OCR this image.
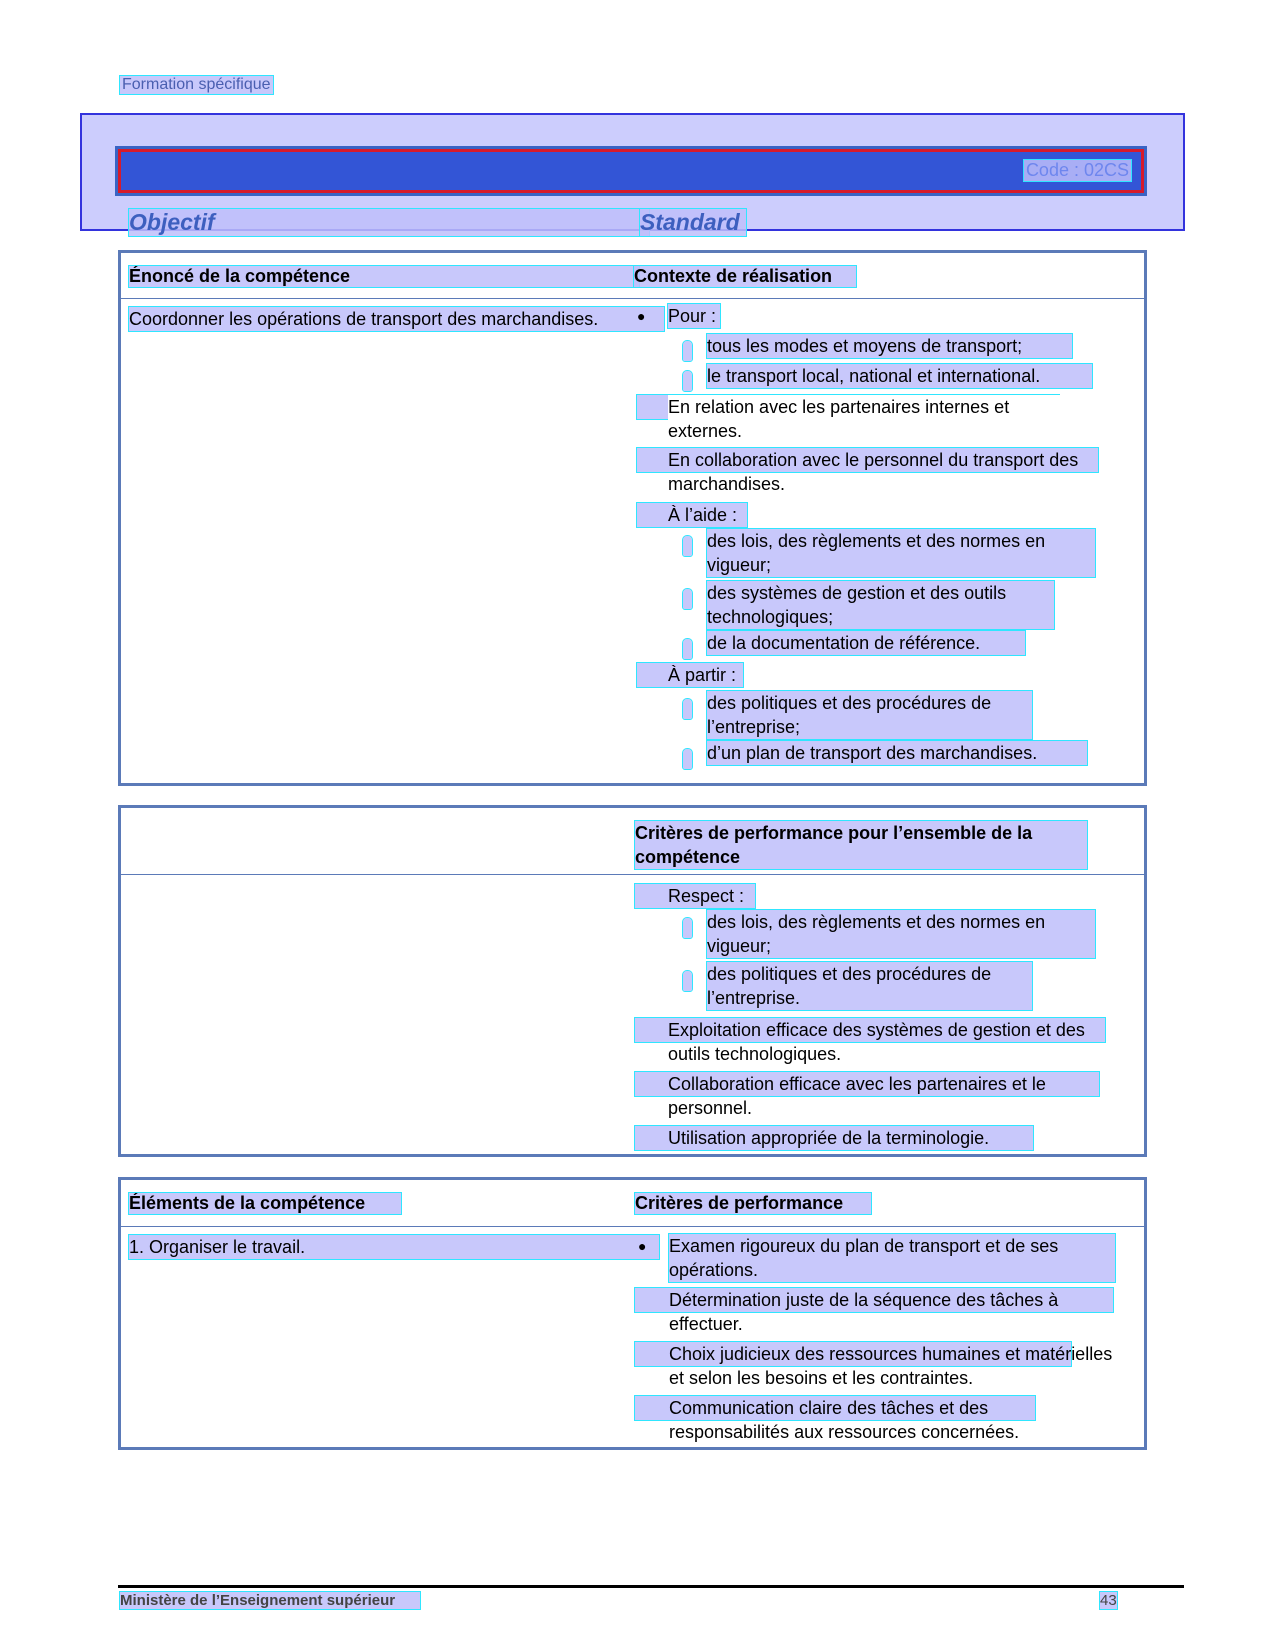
Formation spécifique
Code : 02CS
Objectif	Standard
Énoncé de la compétence	Contexte de réalisation
Coordonner les opérations de transport des marchandises.	● Pour :
tous les modes et moyens de transport;
le transport local, national et international.
En relation avec les partenaires internes et externes.
En collaboration avec le personnel du transport des marchandises.
À l’aide :
des lois, des règlements et des normes en vigueur;
des systèmes de gestion et des outils technologiques;
de la documentation de référence.
À partir :
des politiques et des procédures de l’entreprise;
d’un plan de transport des marchandises.
Critères de performance pour l’ensemble de la compétence
Respect :
des lois, des règlements et des normes en vigueur;
des politiques et des procédures de l’entreprise.
Exploitation efficace des systèmes de gestion et des outils technologiques.
Collaboration efficace avec les partenaires et le personnel.
Utilisation appropriée de la terminologie.
Éléments de la compétence	Critères de performance
1. Organiser le travail.	● Examen rigoureux du plan de transport et de ses opérations.
Détermination juste de la séquence des tâches à effectuer.
Choix judicieux des ressources humaines et matérielles et selon les besoins et les contraintes.
Communication claire des tâches et des responsabilités aux ressources concernées.
Ministère de l’Enseignement supérieur	43
